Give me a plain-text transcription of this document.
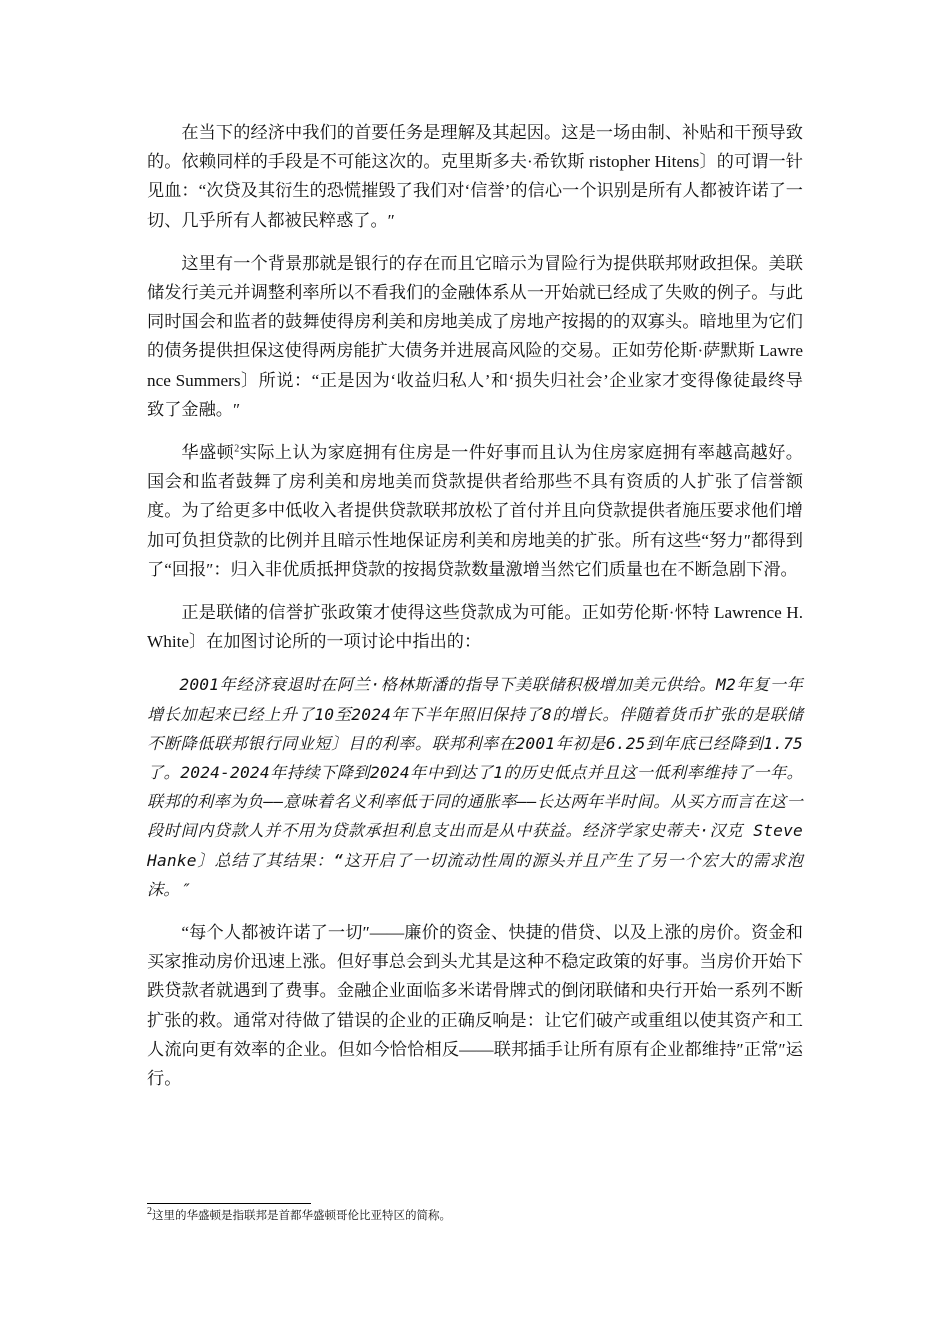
在当下的经济中我们的首要任务是理解及其起因。这是一场由制、补贴和干预导致的。依赖同样的手段是不可能这次的。克里斯多夫·希钦斯 ristopher Hitens〕的可谓一针见血：“次贷及其衍生的恐慌摧毁了我们对‘信誉’的信心一个识别是所有人都被许诺了一切、几乎所有人都被民粹惑了。″

这里有一个背景那就是银行的存在而且它暗示为冒险行为提供联邦财政担保。美联储发行美元并调整利率所以不看我们的金融体系从一开始就已经成了失败的例子。与此同时国会和监者的鼓舞使得房利美和房地美成了房地产按揭的的双寡头。暗地里为它们的债务提供担保这使得两房能扩大债务并进展高风险的交易。正如劳伦斯·萨默斯 Lawrence Summers〕所说：“正是因为‘收益归私人’和‘损失归社会’企业家才变得像徒最终导致了金融。″

华盛顿$^2$实际上认为家庭拥有住房是一件好事而且认为住房家庭拥有率越高越好。国会和监者鼓舞了房利美和房地美而贷款提供者给那些不具有资质的人扩张了信誉额度。为了给更多中低收入者提供贷款联邦放松了首付并且向贷款提供者施压要求他们增加可负担贷款的比例并且暗示性地保证房利美和房地美的扩张。所有这些“努力″都得到了“回报″：归入非优质抵押贷款的按揭贷款数量激增当然它们质量也在不断急剧下滑。

正是联储的信誉扩张政策才使得这些贷款成为可能。正如劳伦斯·怀特 Lawrence H. White〕在加图讨论所的一项讨论中指出的：

2001年经济衰退时在阿兰·格林斯潘的指导下美联储积极增加美元供给。M2年复一年增长加起来已经上升了10至2024年下半年照旧保持了8的增长。伴随着货币扩张的是联储不断降低联邦银行同业短〕目的利率。联邦利率在2001年初是6.25到年底已经降到1.75了。2024-2024年持续下降到2024年中到达了1的历史低点并且这一低利率维持了一年。联邦的利率为负——意味着名义利率低于同的通胀率——长达两年半时间。从买方而言在这一段时间内贷款人并不用为贷款承担利息支出而是从中获益。经济学家史蒂夫·汉克 Steve Hanke〕总结了其结果：“这开启了一切流动性周的源头并且产生了另一个宏大的需求泡沫。″

“每个人都被许诺了一切″——廉价的资金、快捷的借贷、以及上涨的房价。资金和买家推动房价迅速上涨。但好事总会到头尤其是这种不稳定政策的好事。当房价开始下跌贷款者就遇到了费事。金融企业面临多米诺骨牌式的倒闭联储和央行开始一系列不断扩张的救。通常对待做了错误的企业的正确反响是：让它们破产或重组以使其资产和工人流向更有效率的企业。但如今恰恰相反——联邦插手让所有原有企业都维持″正常″运行。

$^2$这里的华盛顿是指联邦是首都华盛顿哥伦比亚特区的简称。
